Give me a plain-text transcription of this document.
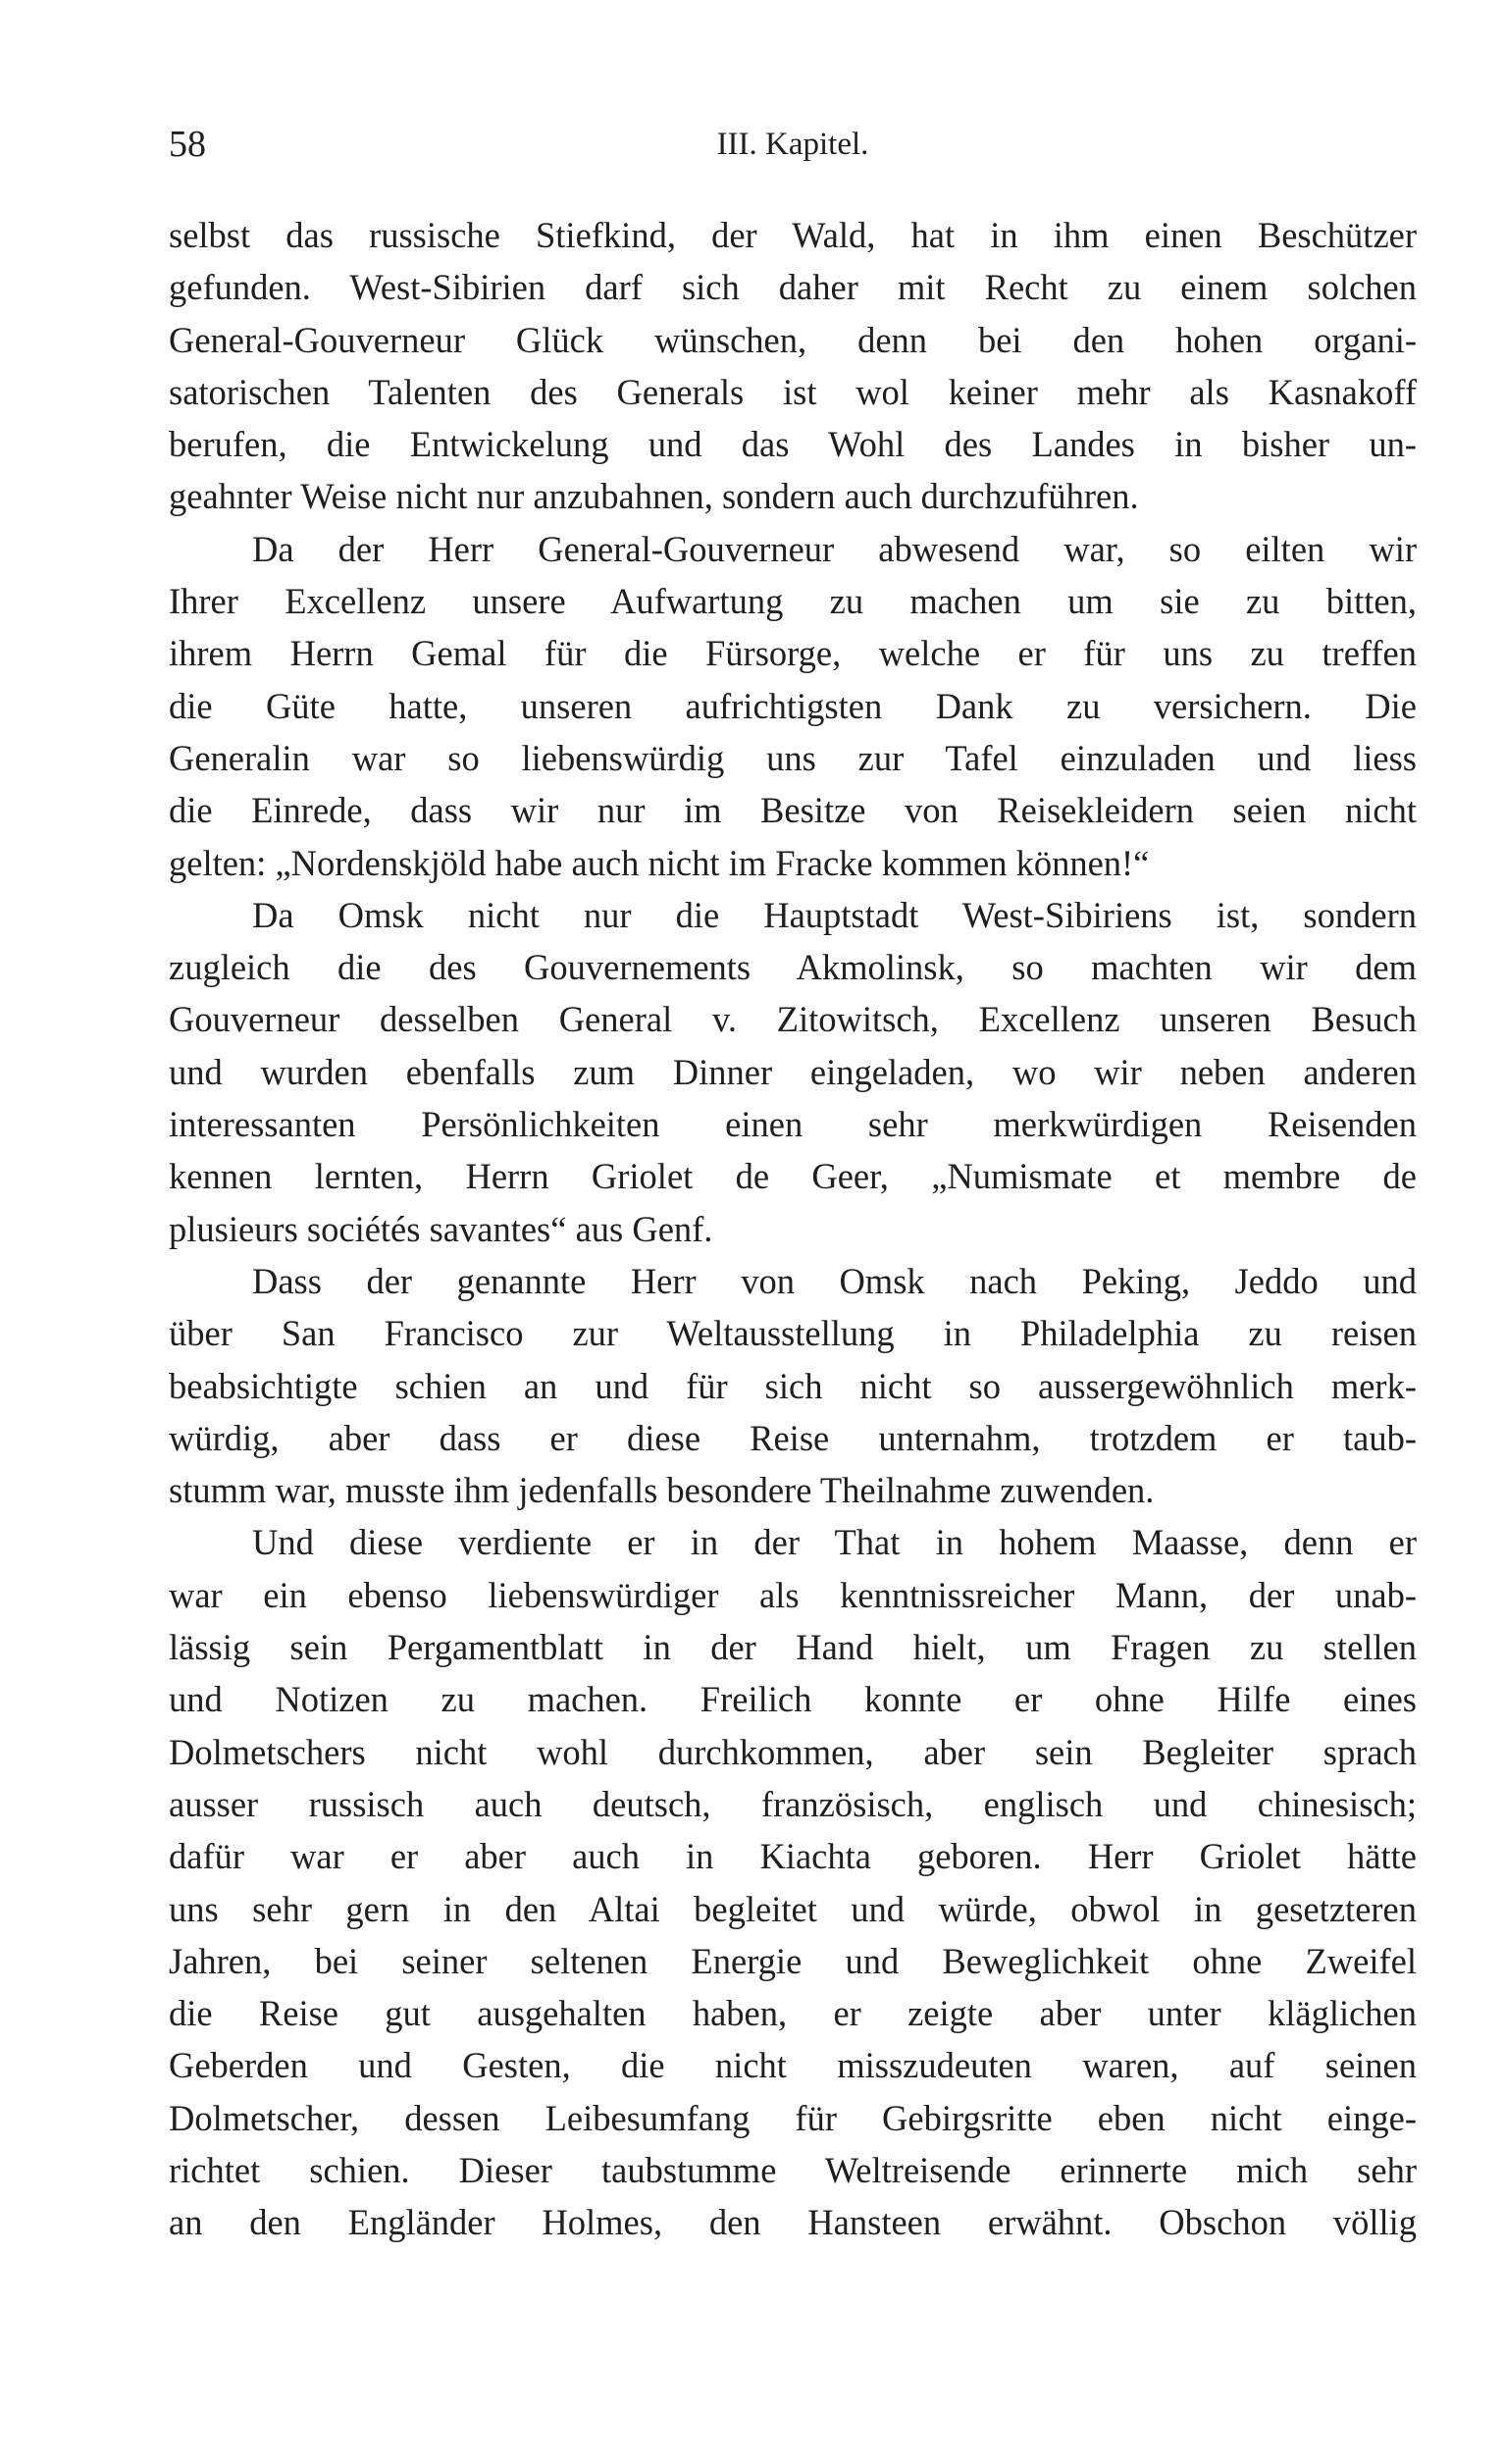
58	III. Kapitel.
selbst das russische Stiefkind, der Wald, hat in ihm einen Beschützer
gefunden. West-Sibirien darf sich daher mit Recht zu einem solchen
General-Gouverneur Glück wünschen, denn bei den hohen organi-
satorischen Talenten des Generals ist wol keiner mehr als Kasnakoff
berufen, die Entwickelung und das Wohl des Landes in bisher un-
geahnter Weise nicht nur anzubahnen, sondern auch durchzuführen.
Da der Herr General-Gouverneur abwesend war, so eilten wir
Ihrer Excellenz unsere Aufwartung zu machen um sie zu bitten,
ihrem Herrn Gemal für die Fürsorge, welche er für uns zu treffen
die Güte hatte, unseren aufrichtigsten Dank zu versichern. Die
Generalin war so liebenswürdig uns zur Tafel einzuladen und liess
die Einrede, dass wir nur im Besitze von Reisekleidern seien nicht
gelten: „Nordenskjöld habe auch nicht im Fracke kommen können!“
Da Omsk nicht nur die Hauptstadt West-Sibiriens ist, sondern
zugleich die des Gouvernements Akmolinsk, so machten wir dem
Gouverneur desselben General v. Zitowitsch, Excellenz unseren Besuch
und wurden ebenfalls zum Dinner eingeladen, wo wir neben anderen
interessanten Persönlichkeiten einen sehr merkwürdigen Reisenden
kennen lernten, Herrn Griolet de Geer, „Numismate et membre de
plusieurs sociétés savantes“ aus Genf.
Dass der genannte Herr von Omsk nach Peking, Jeddo und
über San Francisco zur Weltausstellung in Philadelphia zu reisen
beabsichtigte schien an und für sich nicht so aussergewöhnlich merk-
würdig, aber dass er diese Reise unternahm, trotzdem er taub-
stumm war, musste ihm jedenfalls besondere Theilnahme zuwenden.
Und diese verdiente er in der That in hohem Maasse, denn er
war ein ebenso liebenswürdiger als kenntnissreicher Mann, der unab-
lässig sein Pergamentblatt in der Hand hielt, um Fragen zu stellen
und Notizen zu machen. Freilich konnte er ohne Hilfe eines
Dolmetschers nicht wohl durchkommen, aber sein Begleiter sprach
ausser russisch auch deutsch, französisch, englisch und chinesisch;
dafür war er aber auch in Kiachta geboren. Herr Griolet hätte
uns sehr gern in den Altai begleitet und würde, obwol in gesetzteren
Jahren, bei seiner seltenen Energie und Beweglichkeit ohne Zweifel
die Reise gut ausgehalten haben, er zeigte aber unter kläglichen
Geberden und Gesten, die nicht misszudeuten waren, auf seinen
Dolmetscher, dessen Leibesumfang für Gebirgsritte eben nicht einge-
richtet schien. Dieser taubstumme Weltreisende erinnerte mich sehr
an den Engländer Holmes, den Hansteen erwähnt. Obschon völlig
